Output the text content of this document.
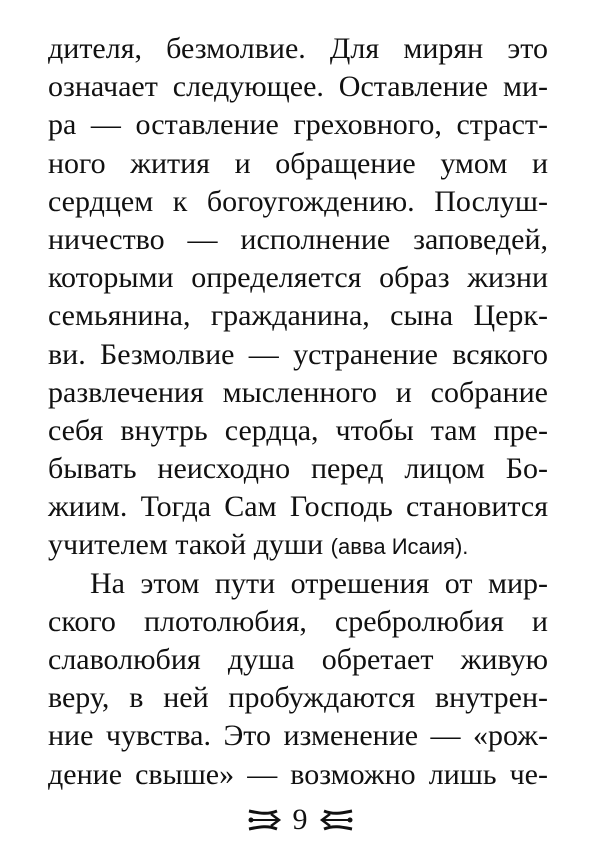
дителя, безмолвие. Для мирян это
означает следующее. Оставление ми-
ра — оставление греховного, страст-
ного жития и обращение умом и
сердцем к богоугождению. Послуш-
ничество — исполнение заповедей,
которыми определяется образ жизни
семьянина, гражданина, сына Церк-
ви. Безмолвие — устранение всякого
развлечения мысленного и собрание
себя внутрь сердца, чтобы там пре-
бывать неисходно перед лицом Бо-
жиим. Тогда Сам Господь становится
учителем такой души (авва Исаия).
На этом пути отрешения от мир-
ского плотолюбия, сребролюбия и
славолюбия душа обретает живую
веру, в ней пробуждаются внутрен-
ние чувства. Это изменение — «рож-
дение свыше» — возможно лишь че-
9
